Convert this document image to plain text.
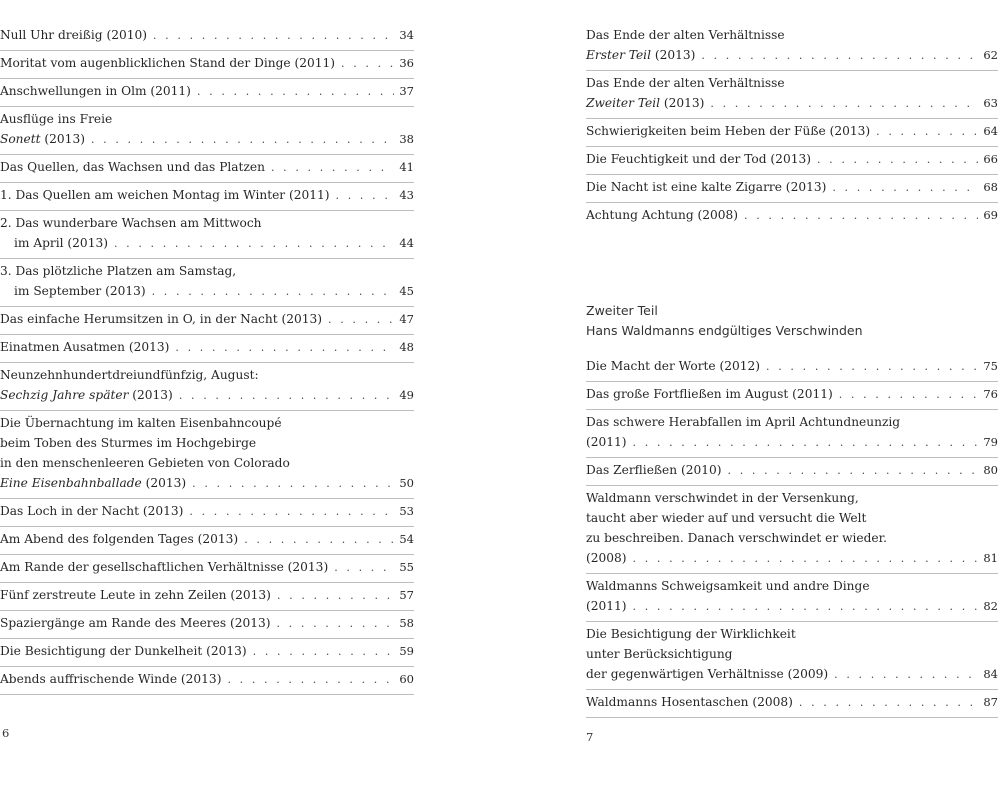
Null Uhr dreißig (2010) . . .	34
Moritat vom augenblicklichen Stand der Dinge (2011) . . .	36
Anschwellungen in Olm (2011) . . .	37
Ausflüge ins Freie
Sonett (2013) . . .	38
Das Quellen, das Wachsen und das Platzen . . .	41
1. Das Quellen am weichen Montag im Winter (2011) . . .	43
2. Das wunderbare Wachsen am Mittwoch
im April (2013) . . .	44
3. Das plötzliche Platzen am Samstag,
im September (2013) . . .	45
Das einfache Herumsitzen in O, in der Nacht (2013) . . .	47
Einatmen Ausatmen (2013) . . .	48
Neunzehnhundertdreiundfünfzig, August:
Sechzig Jahre später (2013) . . .	49
Die Übernachtung im kalten Eisenbahncoupé
beim Toben des Sturmes im Hochgebirge
in den menschenleeren Gebieten von Colorado
Eine Eisenbahnballade (2013) . . .	50
Das Loch in der Nacht (2013) . . .	53
Am Abend des folgenden Tages (2013) . . .	54
Am Rande der gesellschaftlichen Verhältnisse (2013) . . .	55
Fünf zerstreute Leute in zehn Zeilen (2013) . . .	57
Spaziergänge am Rande des Meeres (2013) . . .	58
Die Besichtigung der Dunkelheit (2013) . . .	59
Abends auffrischende Winde (2013) . . .	60
6
Zweiter Teil
Hans Waldmanns endgültiges Verschwinden
Das Ende der alten Verhältnisse
Erster Teil (2013) . . .	62
Das Ende der alten Verhältnisse
Zweiter Teil (2013) . . .	63
Schwierigkeiten beim Heben der Füße (2013) . . .	64
Die Feuchtigkeit und der Tod (2013) . . .	66
Die Nacht ist eine kalte Zigarre (2013) . . .	68
Achtung Achtung (2008) . . .	69
Die Macht der Worte (2012) . . .	75
Das große Fortfließen im August (2011) . . .	76
Das schwere Herabfallen im April Achtundneunzig
(2011) . . .	79
Das Zerfließen (2010) . . .	80
Waldmann verschwindet in der Versenkung,
taucht aber wieder auf und versucht die Welt
zu beschreiben. Danach verschwindet er wieder.
(2008) . . .	81
Waldmanns Schweigsamkeit und andre Dinge
(2011) . . .	82
Die Besichtigung der Wirklichkeit
unter Berücksichtigung
der gegenwärtigen Verhältnisse (2009) . . .	84
Waldmanns Hosentaschen (2008) . . .	87
7
